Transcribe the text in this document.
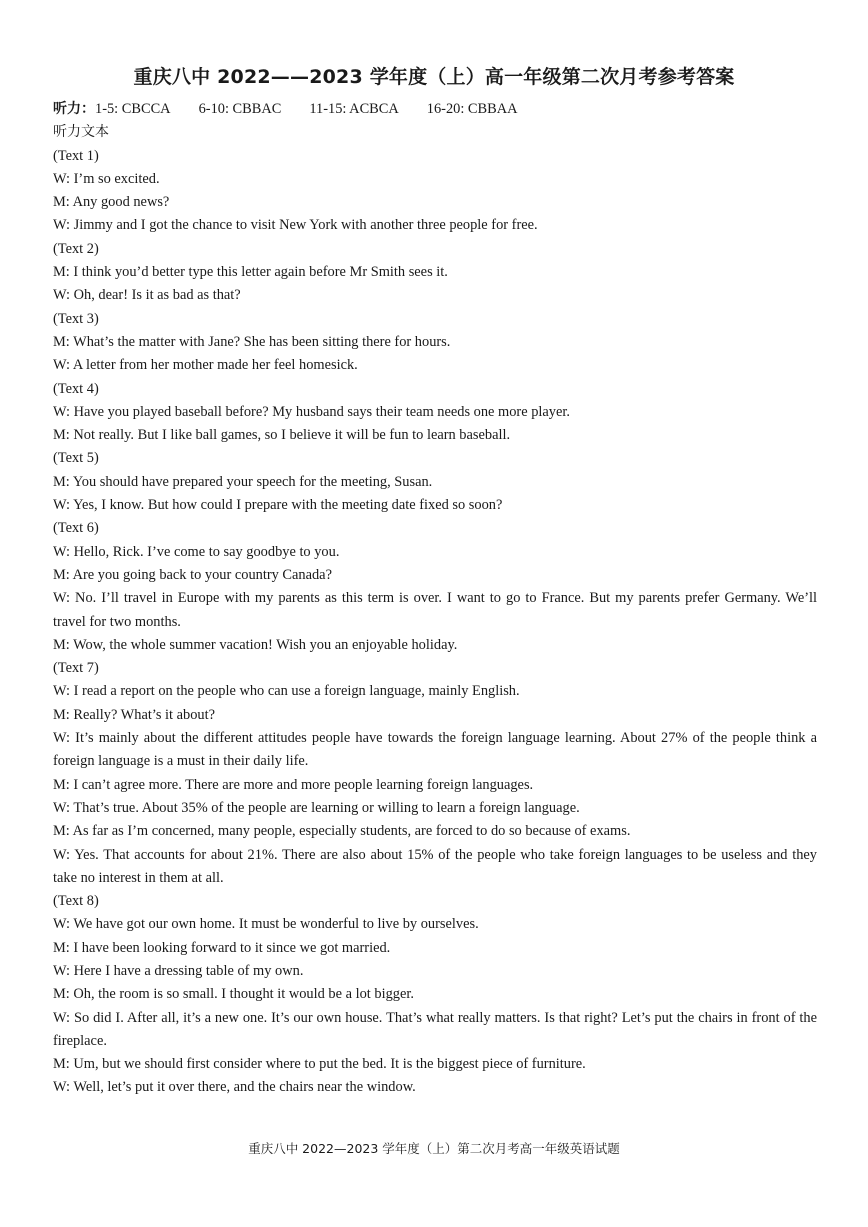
重庆八中 2022——2023 学年度（上）高一年级第二次月考参考答案
听力：1-5: CBCCA 6-10: CBBAC 11-15: ACBCA 16-20: CBBAA
听力文本
(Text 1)
W: I’m so excited.
M: Any good news?
W: Jimmy and I got the chance to visit New York with another three people for free.
(Text 2)
M: I think you’d better type this letter again before Mr Smith sees it.
W: Oh, dear! Is it as bad as that?
(Text 3)
M: What’s the matter with Jane? She has been sitting there for hours.
W: A letter from her mother made her feel homesick.
(Text 4)
W: Have you played baseball before? My husband says their team needs one more player.
M: Not really. But I like ball games, so I believe it will be fun to learn baseball.
(Text 5)
M: You should have prepared your speech for the meeting, Susan.
W: Yes, I know. But how could I prepare with the meeting date fixed so soon?
(Text 6)
W: Hello, Rick. I’ve come to say goodbye to you.
M: Are you going back to your country Canada?
W: No. I’ll travel in Europe with my parents as this term is over. I want to go to France. But my parents prefer Germany. We’ll travel for two months.
M: Wow, the whole summer vacation! Wish you an enjoyable holiday.
(Text 7)
W: I read a report on the people who can use a foreign language, mainly English.
M: Really? What’s it about?
W: It’s mainly about the different attitudes people have towards the foreign language learning. About 27% of the people think a foreign language is a must in their daily life.
M: I can’t agree more. There are more and more people learning foreign languages.
W: That’s true. About 35% of the people are learning or willing to learn a foreign language.
M: As far as I’m concerned, many people, especially students, are forced to do so because of exams.
W: Yes. That accounts for about 21%. There are also about 15% of the people who take foreign languages to be useless and they take no interest in them at all.
(Text 8)
W: We have got our own home. It must be wonderful to live by ourselves.
M: I have been looking forward to it since we got married.
W: Here I have a dressing table of my own.
M: Oh, the room is so small. I thought it would be a lot bigger.
W: So did I. After all, it’s a new one. It’s our own house. That’s what really matters. Is that right? Let’s put the chairs in front of the fireplace.
M: Um, but we should first consider where to put the bed. It is the biggest piece of furniture.
W: Well, let’s put it over there, and the chairs near the window.
重庆八中 2022—2023 学年度（上）第二次月考高一年级英语试题
